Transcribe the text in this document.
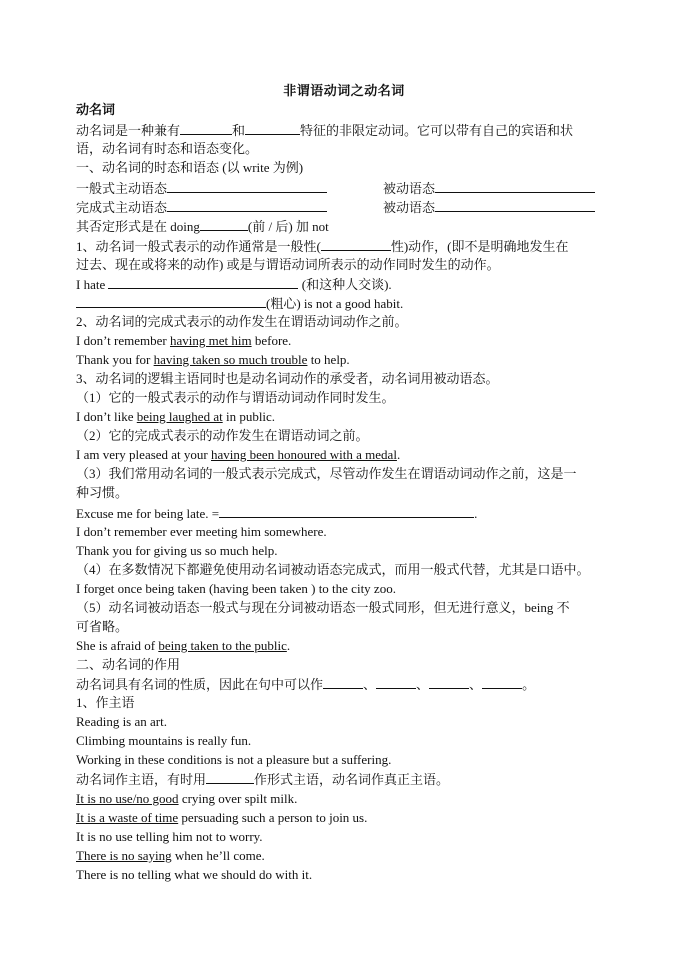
非谓语动词之动名词
动名词
动名词是一种兼有	和	特征的非限定动词。它可以带有自己的宾语和状
语，动名词有时态和语态变化。
一、动名词的时态和语态 (以 write 为例)
一般式主动语态	被动语态
完成式主动语态	被动语态
其否定形式是在 doing	(前 / 后) 加 not
1、动名词一般式表示的动作通常是一般性(	性)动作，(即不是明确地发生在
过去、现在或将来的动作) 或是与谓语动词所表示的动作同时发生的动作。
I hate	(和这种人交谈).
(粗心) is not a good habit.
2、动名词的完成式表示的动作发生在谓语动词动作之前。
I don’t remember having met him before.
Thank you for having taken so much trouble to help.
3、动名词的逻辑主语同时也是动名词动作的承受者，动名词用被动语态。
（1）它的一般式表示的动作与谓语动词动作同时发生。
I don’t like being laughed at in public.
（2）它的完成式表示的动作发生在谓语动词之前。
I am very pleased at your having been honoured with a medal.
（3）我们常用动名词的一般式表示完成式，尽管动作发生在谓语动词动作之前，这是一
种习惯。
Excuse me for being late. =	.
I don’t remember ever meeting him somewhere.
Thank you for giving us so much help.
（4）在多数情况下都避免使用动名词被动语态完成式，而用一般式代替，尤其是口语中。
I forget once being taken (having been taken ) to the city zoo.
（5）动名词被动语态一般式与现在分词被动语态一般式同形，但无进行意义，being 不
可省略。
She is afraid of being taken to the public.
二、动名词的作用
动名词具有名词的性质，因此在句中可以作	、	、	、	。
1、作主语
Reading is an art.
Climbing mountains is really fun.
Working in these conditions is not a pleasure but a suffering.
动名词作主语，有时用	作形式主语，动名词作真正主语。
It is no use/no good crying over spilt milk.
It is a waste of time persuading such a person to join us.
It is no use telling him not to worry.
There is no saying when he’ll come.
There is no telling what we should do with it.
